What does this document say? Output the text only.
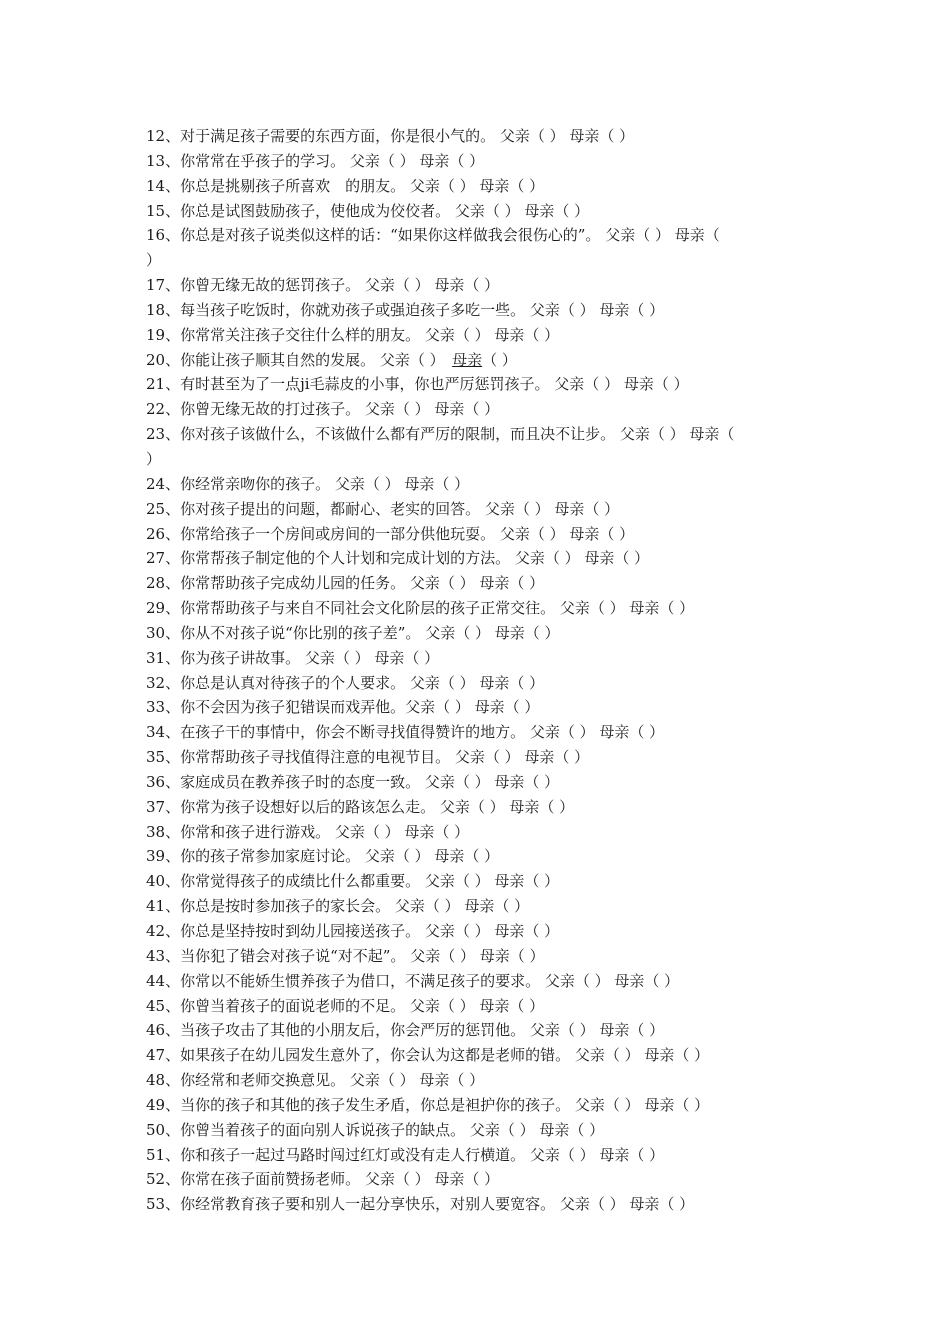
12、对于满足孩子需要的东西方面，你是很小气的。 父亲（ ） 母亲（ ）
13、你常常在乎孩子的学习。 父亲（ ） 母亲（ ）
14、你总是挑剔孩子所喜欢　的朋友。 父亲（ ） 母亲（ ）
15、你总是试图鼓励孩子，使他成为佼佼者。 父亲（ ） 母亲（ ）
16、你总是对孩子说类似这样的话：“如果你这样做我会很伤心的”。 父亲（ ） 母亲（
）
17、你曾无缘无故的惩罚孩子。 父亲（ ） 母亲（ ）
18、每当孩子吃饭时，你就劝孩子或强迫孩子多吃一些。 父亲（ ） 母亲（ ）
19、你常常关注孩子交往什么样的朋友。 父亲（ ） 母亲（ ）
20、你能让孩子顺其自然的发展。 父亲（ ）　母亲（ ）
21、有时甚至为了一点ji毛蒜皮的小事，你也严厉惩罚孩子。 父亲（ ） 母亲（ ）
22、你曾无缘无故的打过孩子。 父亲（ ） 母亲（ ）
23、你对孩子该做什么，不该做什么都有严厉的限制，而且决不让步。 父亲（ ） 母亲（
）
24、你经常亲吻你的孩子。 父亲（ ） 母亲（ ）
25、你对孩子提出的问题，都耐心、老实的回答。 父亲（ ） 母亲（ ）
26、你常给孩子一个房间或房间的一部分供他玩耍。 父亲（ ） 母亲（ ）
27、你常帮孩子制定他的个人计划和完成计划的方法。 父亲（ ） 母亲（ ）
28、你常帮助孩子完成幼儿园的任务。 父亲（ ） 母亲（ ）
29、你常帮助孩子与来自不同社会文化阶层的孩子正常交往。 父亲（ ） 母亲（ ）
30、你从不对孩子说“你比别的孩子差”。 父亲（ ） 母亲（ ）
31、你为孩子讲故事。 父亲（ ） 母亲（ ）
32、你总是认真对待孩子的个人要求。 父亲（ ） 母亲（ ）
33、你不会因为孩子犯错误而戏弄他。父亲（ ） 母亲（ ）
34、在孩子干的事情中，你会不断寻找值得赞许的地方。 父亲（ ） 母亲（ ）
35、你常帮助孩子寻找值得注意的电视节目。 父亲（ ） 母亲（ ）
36、家庭成员在教养孩子时的态度一致。 父亲（ ） 母亲（ ）
37、你常为孩子设想好以后的路该怎么走。 父亲（ ） 母亲（ ）
38、你常和孩子进行游戏。 父亲（ ） 母亲（ ）
39、你的孩子常参加家庭讨论。 父亲（ ） 母亲（ ）
40、你常觉得孩子的成绩比什么都重要。 父亲（ ） 母亲（ ）
41、你总是按时参加孩子的家长会。 父亲（ ） 母亲（ ）
42、你总是坚持按时到幼儿园接送孩子。 父亲（ ） 母亲（ ）
43、当你犯了错会对孩子说“对不起”。 父亲（ ） 母亲（ ）
44、你常以不能娇生惯养孩子为借口，不满足孩子的要求。 父亲（ ） 母亲（ ）
45、你曾当着孩子的面说老师的不足。 父亲（ ） 母亲（ ）
46、当孩子攻击了其他的小朋友后，你会严厉的惩罚他。 父亲（ ） 母亲（ ）
47、如果孩子在幼儿园发生意外了，你会认为这都是老师的错。 父亲（ ） 母亲（ ）
48、你经常和老师交换意见。 父亲（ ） 母亲（ ）
49、当你的孩子和其他的孩子发生矛盾，你总是袒护你的孩子。 父亲（ ） 母亲（ ）
50、你曾当着孩子的面向别人诉说孩子的缺点。 父亲（ ） 母亲（ ）
51、你和孩子一起过马路时闯过红灯或没有走人行横道。 父亲（ ） 母亲（ ）
52、你常在孩子面前赞扬老师。 父亲（ ） 母亲（ ）
53、你经常教育孩子要和别人一起分享快乐，对别人要宽容。 父亲（ ） 母亲（ ）
